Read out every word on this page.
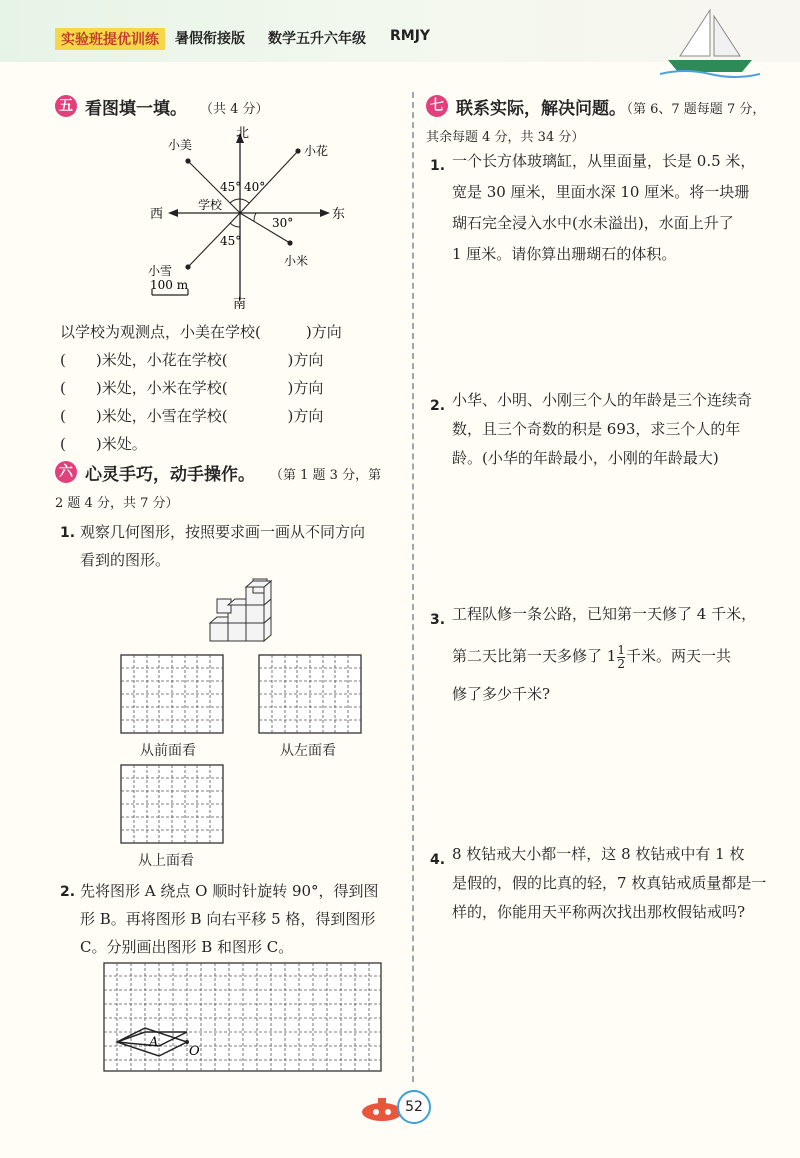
实验班提优训练	暑假衔接版 数学五升六年级 RMJY
五 看图填一填。 （共 4 分）
北
南
西	东
学校
小美	小花
小米
小雪
45° 40°
30°
45°
100 m
以学校为观测点，小美在学校(　　　)方向
(　　)米处，小花在学校(　　　　)方向
(　　)米处，小米在学校(　　　　)方向
(　　)米处，小雪在学校(　　　　)方向
(　　)米处。
六 心灵手巧，动手操作。 （第 1 题 3 分，第
2 题 4 分，共 7 分）
1. 观察几何图形，按照要求画一画从不同方向
看到的图形。
从前面看	从左面看
从上面看
2. 先将图形 A 绕点 O 顺时针旋转 90°，得到图
形 B。再将图形 B 向右平移 5 格，得到图形
C。分别画出图形 B 和图形 C。
A
O
七 联系实际，解决问题。
（第 6、7 题每题 7 分，
其余每题 4 分，共 34 分）
1. 一个长方体玻璃缸，从里面量，长是 0.5 米，
宽是 30 厘米，里面水深 10 厘米。将一块珊
瑚石完全浸入水中(水未溢出)，水面上升了
1 厘米。请你算出珊瑚石的体积。
2. 小华、小明、小刚三个人的年龄是三个连续奇
数，且三个奇数的积是 693，求三个人的年
龄。(小华的年龄最小，小刚的年龄最大)
3. 工程队修一条公路，已知第一天修了 4 千米，
第二天比第一天多修了 $1 \frac{1}{2}$ 千米。两天一共
修了多少千米?
4. 8 枚钻戒大小都一样，这 8 枚钻戒中有 1 枚
是假的，假的比真的轻，7 枚真钻戒质量都是一
样的，你能用天平称两次找出那枚假钻戒吗?
52
